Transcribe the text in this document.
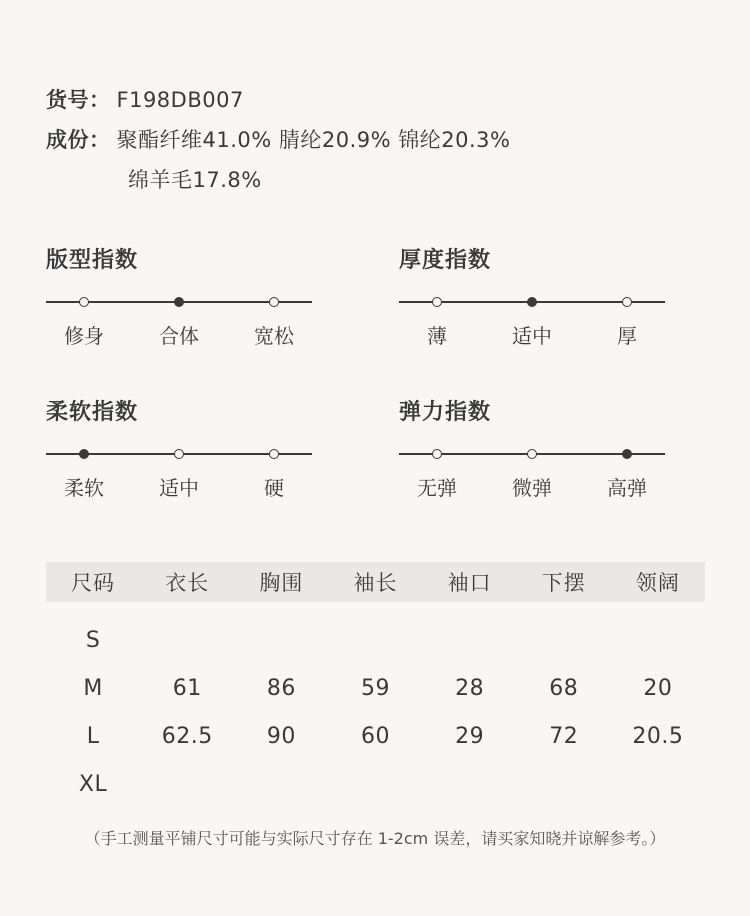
货号： F198DB007
成份： 聚酯纤维41.0% 腈纶20.9% 锦纶20.3%
绵羊毛17.8%
版型指数
修身	合体	宽松
厚度指数
薄	适中	厚
柔软指数
柔软	适中	硬
弹力指数
无弹	微弹	高弹
尺码	衣长	胸围	袖长	袖口	下摆	领阔
S						
M	61	86	59	28	68	20
L	62.5	90	60	29	72	20.5
XL						
（手工测量平铺尺寸可能与实际尺寸存在 1-2cm 误差，请买家知晓并谅解参考。）
